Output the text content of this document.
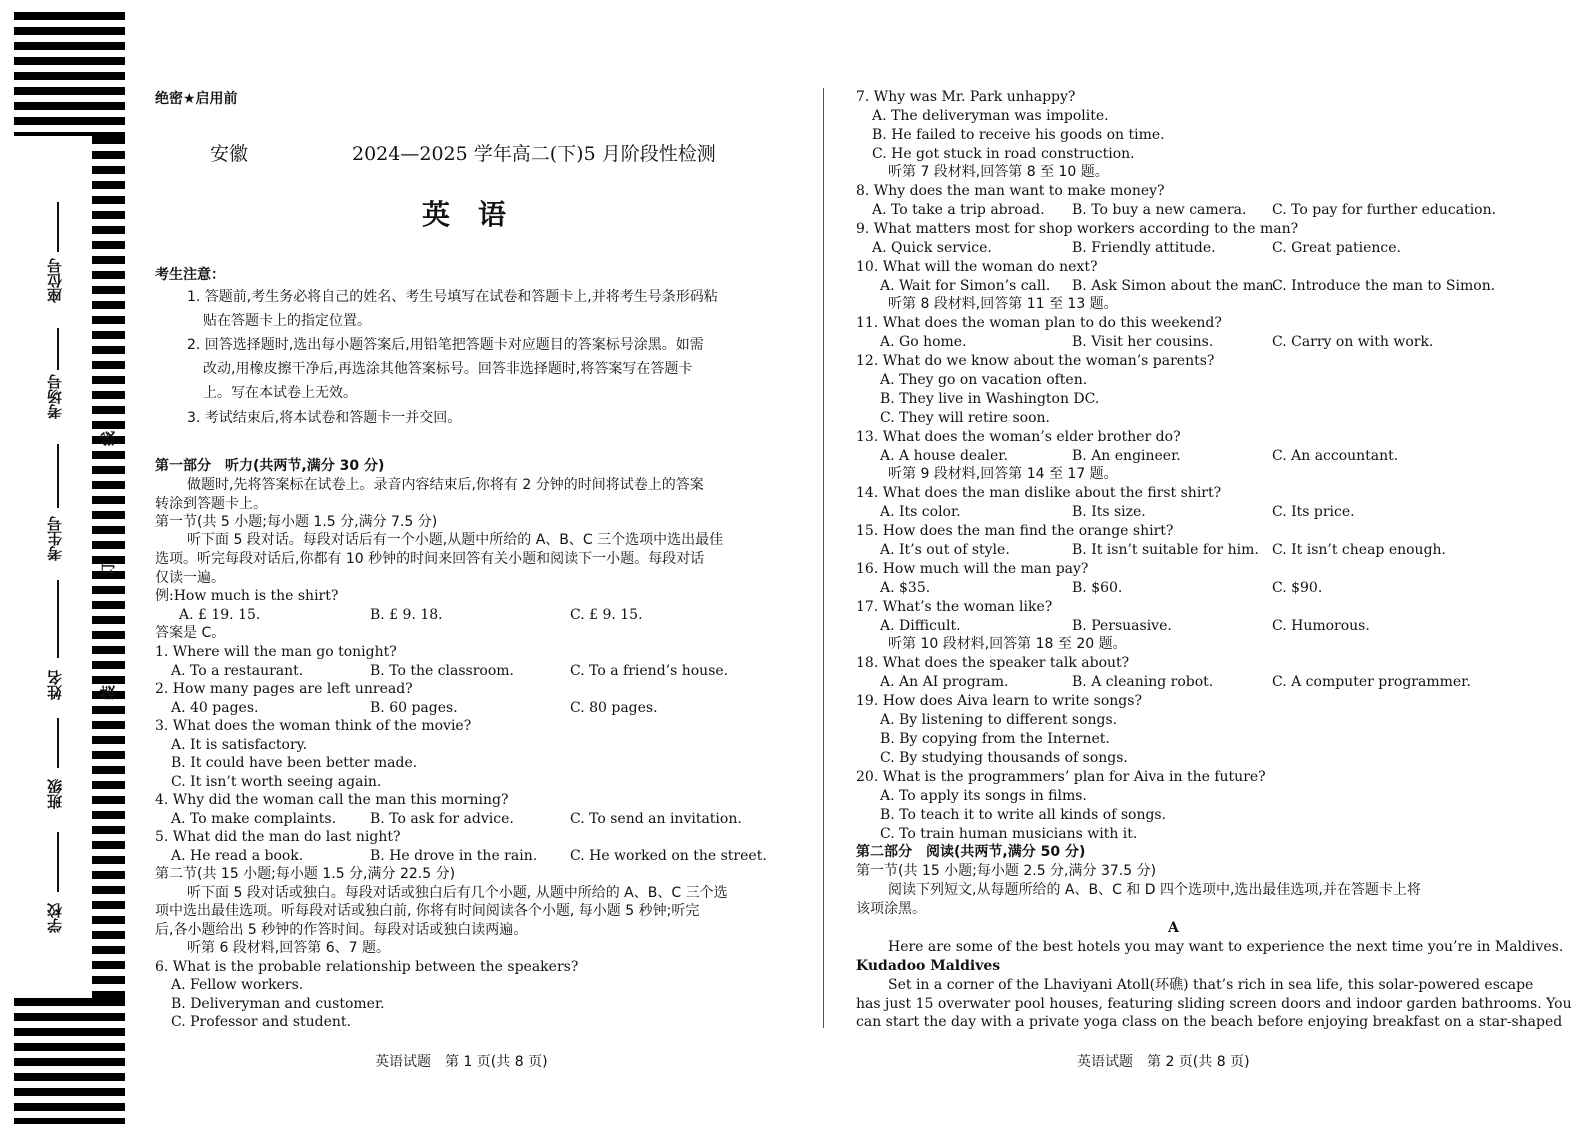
座位号
考场号
考生号
姓名
班级
学校
线
订
装
绝密★启用前
安徽	2024—2025 学年高二(下)5 月阶段性检测
英语
考生注意：
1. 答题前,考生务必将自己的姓名、考生号填写在试卷和答题卡上,并将考生号条形码粘
贴在答题卡上的指定位置。
2. 回答选择题时,选出每小题答案后,用铅笔把答题卡对应题目的答案标号涂黑。如需
改动,用橡皮擦干净后,再选涂其他答案标号。回答非选择题时,将答案写在答题卡
上。写在本试卷上无效。
3. 考试结束后,将本试卷和答题卡一并交回。
第一部分　听力(共两节,满分 30 分)
做题时,先将答案标在试卷上。录音内容结束后,你将有 2 分钟的时间将试卷上的答案
转涂到答题卡上。
第一节(共 5 小题;每小题 1.5 分,满分 7.5 分)
听下面 5 段对话。每段对话后有一个小题,从题中所给的 A、B、C 三个选项中选出最佳
选项。听完每段对话后,你都有 10 秒钟的时间来回答有关小题和阅读下一小题。每段对话
仅读一遍。
例:How much is the shirt?
A. £ 19. 15.	B. £ 9. 18.	C. £ 9. 15.
答案是 C。
1. Where will the man go tonight?
A. To a restaurant.	B. To the classroom.	C. To a friend’s house.
2. How many pages are left unread?
A. 40 pages.	B. 60 pages.	C. 80 pages.
3. What does the woman think of the movie?
A. It is satisfactory.
B. It could have been better made.
C. It isn’t worth seeing again.
4. Why did the woman call the man this morning?
A. To make complaints. B. To ask for advice.	C. To send an invitation.
5. What did the man do last night?
A. He read a book.	B. He drove in the rain. C. He worked on the street.
第二节(共 15 小题;每小题 1.5 分,满分 22.5 分)
听下面 5 段对话或独白。每段对话或独白后有几个小题, 从题中所给的 A、B、C 三个选
项中选出最佳选项。听每段对话或独白前, 你将有时间阅读各个小题, 每小题 5 秒钟;听完
后,各小题给出 5 秒钟的作答时间。每段对话或独白读两遍。
听第 6 段材料,回答第 6、7 题。
6. What is the probable relationship between the speakers?
A. Fellow workers.
B. Deliveryman and customer.
C. Professor and student.
7. Why was Mr. Park unhappy?
A. The deliveryman was impolite.
B. He failed to receive his goods on time.
C. He got stuck in road construction.
听第 7 段材料,回答第 8 至 10 题。
8. Why does the man want to make money?
A. To take a trip abroad. B. To buy a new camera. C. To pay for further education.
9. What matters most for shop workers according to the man?
A. Quick service.	B. Friendly attitude.	C. Great patience.
10. What will the woman do next?
A. Wait for Simon’s call. B. Ask Simon about the man.
C. Introduce the man to Simon.
听第 8 段材料,回答第 11 至 13 题。
11. What does the woman plan to do this weekend?
A. Go home.	B. Visit her cousins.	C. Carry on with work.
12. What do we know about the woman’s parents?
A. They go on vacation often.
B. They live in Washington DC.
C. They will retire soon.
13. What does the woman’s elder brother do?
A. A house dealer.	B. An engineer.	C. An accountant.
听第 9 段材料,回答第 14 至 17 题。
14. What does the man dislike about the first shirt?
A. Its color.	B. Its size.	C. Its price.
15. How does the man find the orange shirt?
A. It’s out of style.	B. It isn’t suitable for him. C. It isn’t cheap enough.
16. How much will the man pay?
A. $35.	B. $60.	C. $90.
17. What’s the woman like?
A. Difficult.	B. Persuasive.	C. Humorous.
听第 10 段材料,回答第 18 至 20 题。
18. What does the speaker talk about?
A. An AI program.	B. A cleaning robot.	C. A computer programmer.
19. How does Aiva learn to write songs?
A. By listening to different songs.
B. By copying from the Internet.
C. By studying thousands of songs.
20. What is the programmers’ plan for Aiva in the future?
A. To apply its songs in films.
B. To teach it to write all kinds of songs.
C. To train human musicians with it.
第二部分　阅读(共两节,满分 50 分)
第一节(共 15 小题;每小题 2.5 分,满分 37.5 分)
阅读下列短文,从每题所给的 A、B、C 和 D 四个选项中,选出最佳选项,并在答题卡上将
该项涂黑。
A
Here are some of the best hotels you may want to experience the next time you’re in Maldives.
Kudadoo Maldives
Set in a corner of the Lhaviyani Atoll(环礁) that’s rich in sea life, this solar-powered escape
has just 15 overwater pool houses, featuring sliding screen doors and indoor garden bathrooms. You
can start the day with a private yoga class on the beach before enjoying breakfast on a star-shaped
英语试题　第 1 页(共 8 页)	英语试题　第 2 页(共 8 页)
